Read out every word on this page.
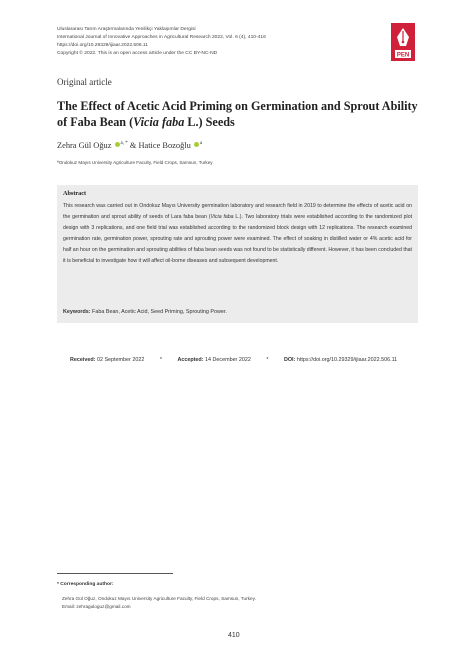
Uluslararası Tarım Araştırmalarında Yenilikçi Yaklaşımlar Dergisi
International Journal of Innovative Approaches in Agricultural Research 2022, Vol. 6 (4), 410-416
https://doi.org/10.29329/ijiaar.2022.506.11
Copyright © 2022. This is an open access article under the CC BY-NC-ND	PEN
Original article
The Effect of Acetic Acid Priming on Germination and Sprout Ability of Faba Bean (Vicia faba L.) Seeds
Zehra Gül Oğuz $^{a, *}$ & Hatice Bozoğlu $^a$
ªOndokuz Mayıs University Agriculture Faculty, Field Crops, Samsun, Turkey
Abstract
This research was carried out in Ondokuz Mayıs University germination laboratory and research field in 2019 to determine the effects of acetic acid on the germination and sprout ability of seeds of Lara faba bean (Vicia faba L.). Two laboratory trials were established according to the randomized plot design with 3 replications, and one field trial was established according to the randomized block design with 12 replications. The research examined germination rate, germination power, sprouting rate and sprouting power were examined. The effect of soaking in distilled water or 4% acetic acid for half an hour on the germination and sprouting abilities of faba bean seeds was not found to be statistically different. However, it has been concluded that it is beneficial to investigate how it will affect oil-borne diseases and subsequent development.
Keywords: Faba Bean, Acetic Acid, Seed Priming, Sprouting Power.
Received: 02 September 2022	*	Accepted: 14 December 2022	*	DOI: https://doi.org/10.29329/ijiaar.2022.506.11
* Corresponding author:
Zehra Gül Oğuz, Ondokuz Mayıs University Agriculture Faculty, Field Crops, Samsun, Turkey.
Email: zehraguloguz@gmail.com
410
